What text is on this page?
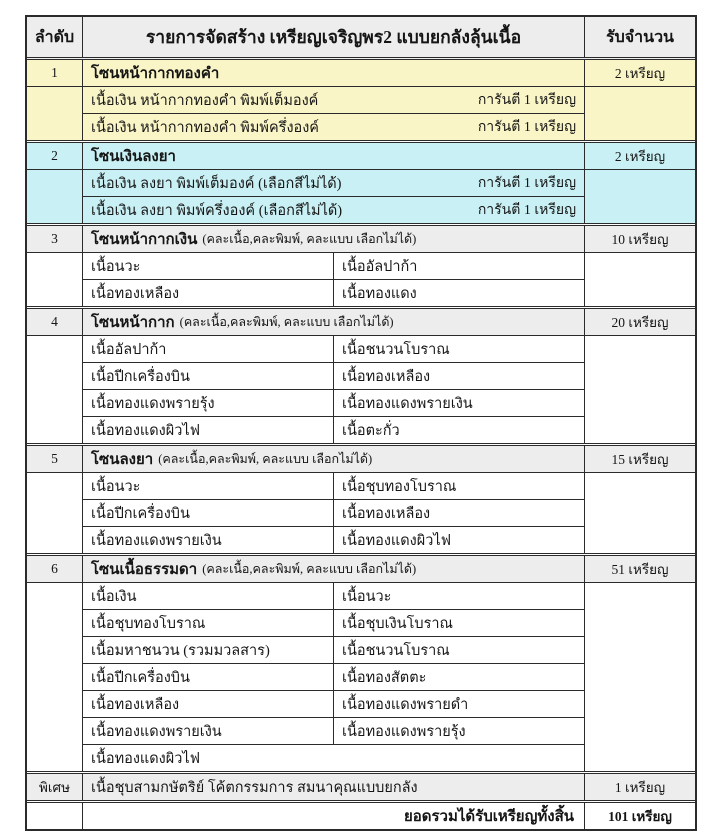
ลำดับ	รายการจัดสร้าง เหรียญเจริญพร2 แบบยกลังลุ้นเนื้อ	รับจำนวน
1	โซนหน้ากากทองคำ	2 เหรียญ
เนื้อเงิน หน้ากากทองคำ พิมพ์เต็มองค์	การันตี 1 เหรียญ
เนื้อเงิน หน้ากากทองคำ พิมพ์ครึ่งองค์	การันตี 1 เหรียญ
2	โซนเงินลงยา	2 เหรียญ
เนื้อเงิน ลงยา พิมพ์เต็มองค์ (เลือกสีไม่ได้)	การันตี 1 เหรียญ
เนื้อเงิน ลงยา พิมพ์ครึ่งองค์ (เลือกสีไม่ได้)	การันตี 1 เหรียญ
3	โซนหน้ากากเงิน (คละเนื้อ,คละพิมพ์, คละแบบ เลือกไม่ได้)	10 เหรียญ
เนื้อนวะ	เนื้ออัลปาก้า
เนื้อทองเหลือง	เนื้อทองแดง
4	โซนหน้ากาก (คละเนื้อ,คละพิมพ์, คละแบบ เลือกไม่ได้)	20 เหรียญ
เนื้ออัลปาก้า	เนื้อชนวนโบราณ
เนื้อปีกเครื่องบิน	เนื้อทองเหลือง
เนื้อทองแดงพรายรุ้ง	เนื้อทองแดงพรายเงิน
เนื้อทองแดงผิวไฟ	เนื้อตะกั่ว
5	โซนลงยา (คละเนื้อ,คละพิมพ์, คละแบบ เลือกไม่ได้)	15 เหรียญ
เนื้อนวะ	เนื้อชุบทองโบราณ
เนื้อปีกเครื่องบิน	เนื้อทองเหลือง
เนื้อทองแดงพรายเงิน	เนื้อทองแดงผิวไฟ
6	โซนเนื้อธรรมดา (คละเนื้อ,คละพิมพ์, คละแบบ เลือกไม่ได้)	51 เหรียญ
เนื้อเงิน	เนื้อนวะ
เนื้อชุบทองโบราณ	เนื้อชุบเงินโบราณ
เนื้อมหาชนวน (รวมมวลสาร)	เนื้อชนวนโบราณ
เนื้อปีกเครื่องบิน	เนื้อทองสัตตะ
เนื้อทองเหลือง	เนื้อทองแดงพรายดำ
เนื้อทองแดงพรายเงิน	เนื้อทองแดงพรายรุ้ง
เนื้อทองแดงผิวไฟ
พิเศษ	เนื้อชุบสามกษัตริย์ โค้ตกรรมการ สมนาคุณแบบยกลัง	1 เหรียญ
ยอดรวมได้รับเหรียญทั้งสิ้น	101 เหรียญ
